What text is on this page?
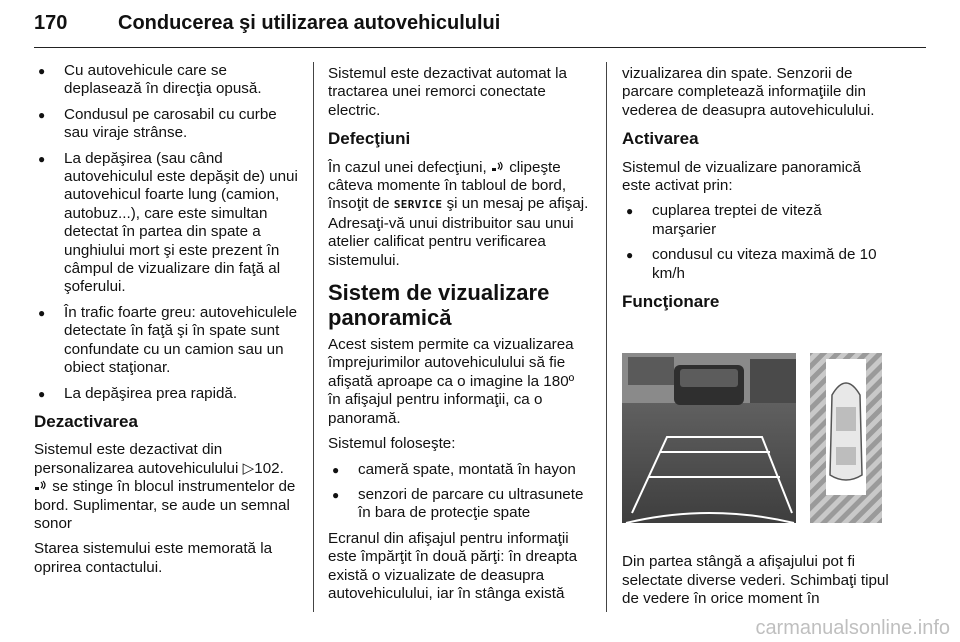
170	Conducerea şi utilizarea autovehiculului
● Cu autovehicule care se deplasează în direcţia opusă.
● Condusul pe carosabil cu curbe sau viraje strânse.
● La depăşirea (sau când autovehiculul este depăşit de) unui autovehicul foarte lung (camion, autobuz...), care este simultan detectat în partea din spate a unghiului mort şi este prezent în câmpul de vizualizare din faţă al şoferului.
● În trafic foarte greu: autovehiculele detectate în faţă şi în spate sunt confundate cu un camion sau un obiect staţionar.
● La depăşirea prea rapidă.
Dezactivarea

Sistemul este dezactivat din personalizarea autovehiculului ▷102.  se stinge în blocul instrumentelor de bord. Suplimentar, se aude un semnal sonor

Starea sistemului este memorată la oprirea contactului.

Sistemul este dezactivat automat la tractarea unei remorci conectate electric.

Defecţiuni

În cazul unei defecţiuni, clipeşte câteva momente în tabloul de bord, însoţit de SERVICE şi un mesaj pe afişaj. Adresaţi-vă unui distribuitor sau unui atelier calificat pentru verificarea sistemului.

Sistem de vizualizare panoramică

Acest sistem permite ca vizualizarea împrejurimilor autovehiculului să fie afişată aproape ca o imagine la 180º în afişajul pentru informaţii, ca o panoramă.

Sistemul foloseşte:

● cameră spate, montată în hayon
● senzori de parcare cu ultrasunete în bara de protecţie spate

Ecranul din afişajul pentru informaţii este împărţit în două părţi: în dreapta există o vizualizate de deasupra autovehiculului, iar în stânga există

vizualizarea din spate. Senzorii de parcare completează informaţiile din vederea de deasupra autovehiculului.

Activarea

Sistemul de vizualizare panoramică este activat prin:

● cuplarea treptei de viteză marşarier
● condusul cu viteza maximă de 10 km/h
Funcţionare

Din partea stângă a afişajului pot fi selectate diverse vederi. Schimbaţi tipul de vedere în orice moment în

carmanualsonline.info
